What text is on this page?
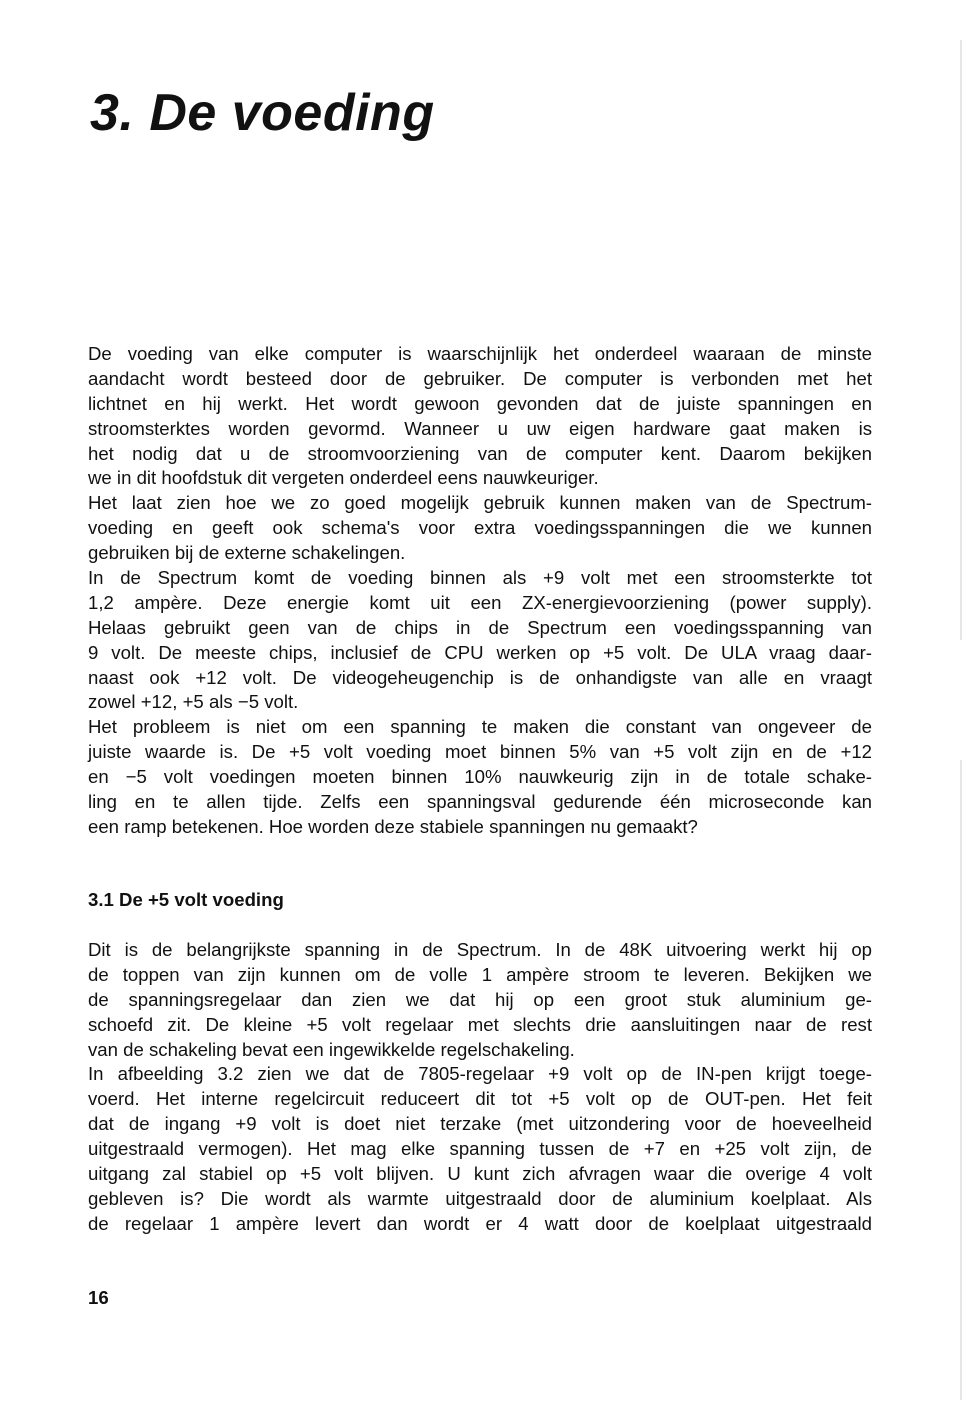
3. De voeding
De voeding van elke computer is waarschijnlijk het onderdeel waaraan de minste
aandacht wordt besteed door de gebruiker. De computer is verbonden met het
lichtnet en hij werkt. Het wordt gewoon gevonden dat de juiste spanningen en
stroomsterktes worden gevormd. Wanneer u uw eigen hardware gaat maken is
het nodig dat u de stroomvoorziening van de computer kent. Daarom bekijken
we in dit hoofdstuk dit vergeten onderdeel eens nauwkeuriger.
Het laat zien hoe we zo goed mogelijk gebruik kunnen maken van de Spectrum-
voeding en geeft ook schema's voor extra voedingsspanningen die we kunnen
gebruiken bij de externe schakelingen.
In de Spectrum komt de voeding binnen als +9 volt met een stroomsterkte tot
1,2 ampère. Deze energie komt uit een ZX-energievoorziening (power supply).
Helaas gebruikt geen van de chips in de Spectrum een voedingsspanning van
9 volt. De meeste chips, inclusief de CPU werken op +5 volt. De ULA vraag daar-
naast ook +12 volt. De videogeheugenchip is de onhandigste van alle en vraagt
zowel +12, +5 als −5 volt.
Het probleem is niet om een spanning te maken die constant van ongeveer de
juiste waarde is. De +5 volt voeding moet binnen 5% van +5 volt zijn en de +12
en −5 volt voedingen moeten binnen 10% nauwkeurig zijn in de totale schake-
ling en te allen tijde. Zelfs een spanningsval gedurende één microseconde kan
een ramp betekenen. Hoe worden deze stabiele spanningen nu gemaakt?
3.1 De +5 volt voeding
Dit is de belangrijkste spanning in de Spectrum. In de 48K uitvoering werkt hij op
de toppen van zijn kunnen om de volle 1 ampère stroom te leveren. Bekijken we
de spanningsregelaar dan zien we dat hij op een groot stuk aluminium ge-
schoefd zit. De kleine +5 volt regelaar met slechts drie aansluitingen naar de rest
van de schakeling bevat een ingewikkelde regelschakeling.
In afbeelding 3.2 zien we dat de 7805-regelaar +9 volt op de IN-pen krijgt toege-
voerd. Het interne regelcircuit reduceert dit tot +5 volt op de OUT-pen. Het feit
dat de ingang +9 volt is doet niet terzake (met uitzondering voor de hoeveelheid
uitgestraald vermogen). Het mag elke spanning tussen de +7 en +25 volt zijn, de
uitgang zal stabiel op +5 volt blijven. U kunt zich afvragen waar die overige 4 volt
gebleven is? Die wordt als warmte uitgestraald door de aluminium koelplaat. Als
de regelaar 1 ampère levert dan wordt er 4 watt door de koelplaat uitgestraald
16
